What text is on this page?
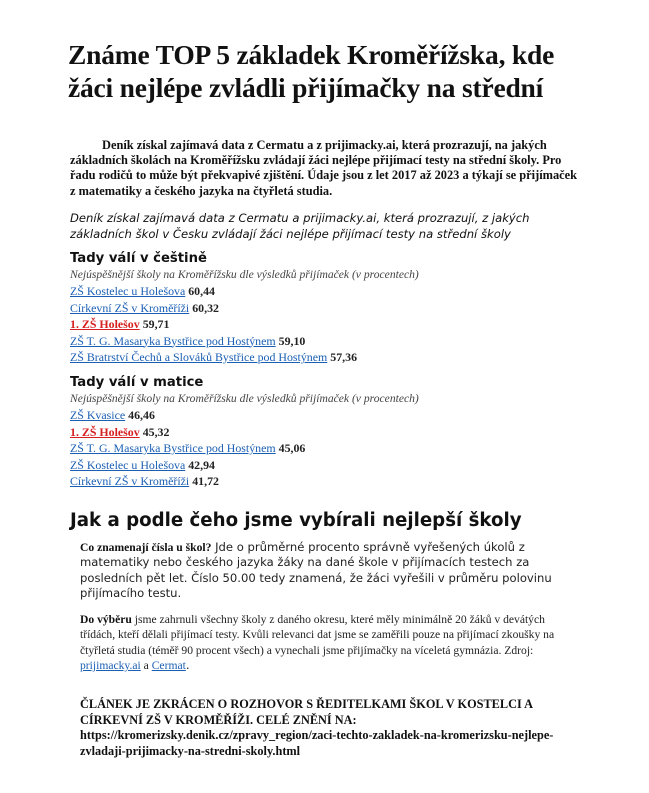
Známe TOP 5 základek Kroměřížska, kde žáci nejlépe zvládli přijímačky na střední

Deník získal zajímavá data z Cermatu a z prijimacky.ai, která prozrazují, na jakých základních školách na Kroměřížsku zvládají žáci nejlépe přijímací testy na střední školy. Pro řadu rodičů to může být překvapivé zjištění. Údaje jsou z let 2017 až 2023 a týkají se přijímaček z matematiky a českého jazyka na čtyřletá studia.

Deník získal zajímavá data z Cermatu a prijimacky.ai, která prozrazují, z jakých základních škol v Česku zvládají žáci nejlépe přijímací testy na střední školy

Tady válí v češtině

Nejúspěšnější školy na Kroměřížsku dle výsledků přijímaček (v procentech)

ZŠ Kostelec u Holešova 60,44

Církevní ZŠ v Kroměříži 60,32

1. ZŠ Holešov 59,71

ZŠ T. G. Masaryka Bystřice pod Hostýnem 59,10

ZŠ Bratrství Čechů a Slováků Bystřice pod Hostýnem 57,36

Tady válí v matice

Nejúspěšnější školy na Kroměřížsku dle výsledků přijímaček (v procentech)

ZŠ Kvasice 46,46

1. ZŠ Holešov 45,32

ZŠ T. G. Masaryka Bystřice pod Hostýnem 45,06

ZŠ Kostelec u Holešova 42,94

Církevní ZŠ v Kroměříži 41,72

Jak a podle čeho jsme vybírali nejlepší školy

Co znamenají čísla u škol? Jde o průměrné procento správně vyřešených úkolů z matematiky nebo českého jazyka žáky na dané škole v přijímacích testech za posledních pět let. Číslo 50.00 tedy znamená, že žáci vyřešili v průměru polovinu přijímacího testu.

Do výběru jsme zahrnuli všechny školy z daného okresu, které měly minimálně 20 žáků v devátých třídách, kteří dělali přijímací testy. Kvůli relevanci dat jsme se zaměřili pouze na přijímací zkoušky na čtyřletá studia (téměř 90 procent všech) a vynechali jsme přijímačky na víceletá gymnázia. Zdroj: prijimacky.ai a Cermat.

ČLÁNEK JE ZKRÁCEN O ROZHOVOR S ŘEDITELKAMI ŠKOL V KOSTELCI A CÍRKEVNÍ ZŠ V KROMĚŘÍŽI. CELÉ ZNĚNÍ NA: https://kromerizsky.denik.cz/zpravy_region/zaci-techto-zakladek-na-kromerizsku-nejlepe-zvladaji-prijimacky-na-stredni-skoly.html
